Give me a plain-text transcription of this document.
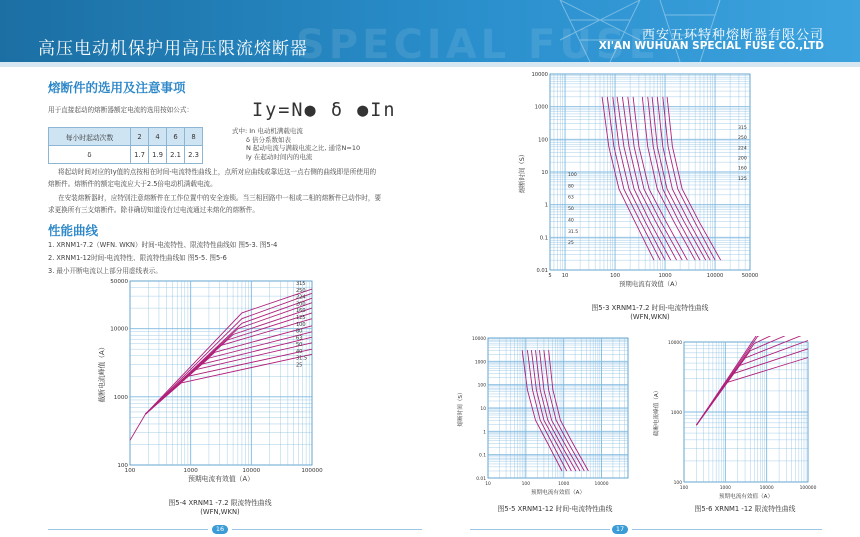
SPECIAL FUSE
高压电动机保护用高压限流熔断器
西安五环特种熔断器有限公司
XI'AN WUHUAN SPECIAL FUSE CO.,LTD
熔断件的选用及注意事项
用于直接起动的熔断器额定电流的选用按如公式：	Iy=N● δ ●In
每小时起动次数	2	4	6	8
δ	1.7	1.9	2.1	2.3
式中: In 电动机满载电流
δ 倍分系数如表
N 起动电流与满载电流之比, 通常N=10
Iy 在起动时间内的电流
将起动时间对应的Iy值的点按相在时间-电流特性曲线上，点所对应曲线或靠近这一点右侧的曲线即是所使用的
熔断件。熔断件的额定电流应大于2.5倍电动机满载电流。
在安装熔断器时，应特别注意熔断件在工作位置中的安全连锁。当三相回路中一相或二相的熔断件已动作时，要
求更换所有三支熔断件。除非确切知道没有过电流通过未熔化的熔断件。
性能曲线
1. XRNM1-7.2（WFN. WKN）时间-电流特性、限流特性曲线如 图5-3. 图5-4
2. XRNM1-12时间-电流特性、限流特性曲线如 图5-5. 图5-6
3. 最小开断电流以上部分用虚线表示。
5 10	100	1000	10000	50000
10000
1000
100
10
1
0.1
0.01
315
250
224
200
160
125
100
80
63
50
40
31.5
25
预期电流有效值（A）
熔断时间（S）
图5-3 XRNM1-7.2 时间-电流特性曲线
(WFN,WKN)
100	1000	10000	100000
50000
10000
1000
100
315
250
224
200
160
125
100
80
63
50
40
31.5
25
预期电流有效值（A）
截断电流峰值（A）
图5-4 XRNM1 -7.2 限流特性曲线
(WFN,WKN)
10	100	1000	10000
10000
1000
100
10
1
0.1
0.01
预期电流有效值（A）
熔断时间（S）
图5-5 XRNM1-12 时间-电流特性曲线
100	1000	10000	100000
10000
1000
100
预期电流有效值（A）
截断电流峰值（A）
图5-6 XRNM1 -12 限流特性曲线
16	17
